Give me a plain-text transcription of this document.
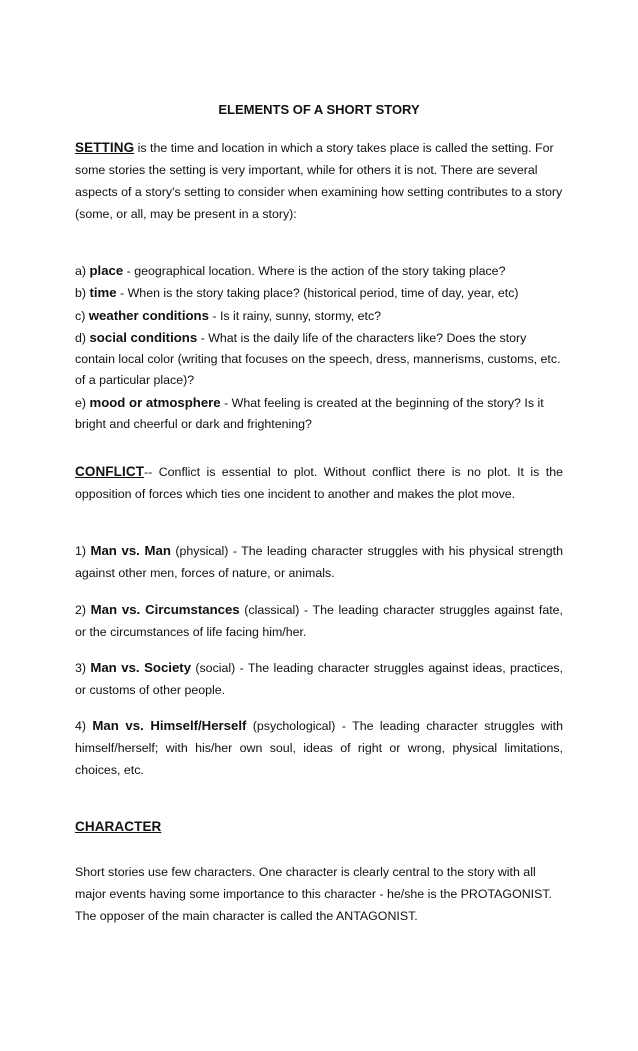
ELEMENTS OF A SHORT STORY
SETTING is the time and location in which a story takes place is called the setting. For some stories the setting is very important, while for others it is not. There are several aspects of a story's setting to consider when examining how setting contributes to a story (some, or all, may be present in a story):

a) place - geographical location. Where is the action of the story taking place?

b) time - When is the story taking place? (historical period, time of day, year, etc)

c) weather conditions - Is it rainy, sunny, stormy, etc?

d) social conditions - What is the daily life of the characters like? Does the story contain local color (writing that focuses on the speech, dress, mannerisms, customs, etc. of a particular place)?

e) mood or atmosphere - What feeling is created at the beginning of the story? Is it bright and cheerful or dark and frightening?

CONFLICT-- Conflict is essential to plot. Without conflict there is no plot. It is the opposition of forces which ties one incident to another and makes the plot move.
1) Man vs. Man (physical) - The leading character struggles with his physical strength against other men, forces of nature, or animals.
2) Man vs. Circumstances (classical) - The leading character struggles against fate, or the circumstances of life facing him/her.
3) Man vs. Society (social) - The leading character struggles against ideas, practices, or customs of other people.
4) Man vs. Himself/Herself (psychological) - The leading character struggles with himself/herself; with his/her own soul, ideas of right or wrong, physical limitations, choices, etc.
CHARACTER
Short stories use few characters. One character is clearly central to the story with all major events having some importance to this character - he/she is the PROTAGONIST. The opposer of the main character is called the ANTAGONIST.
